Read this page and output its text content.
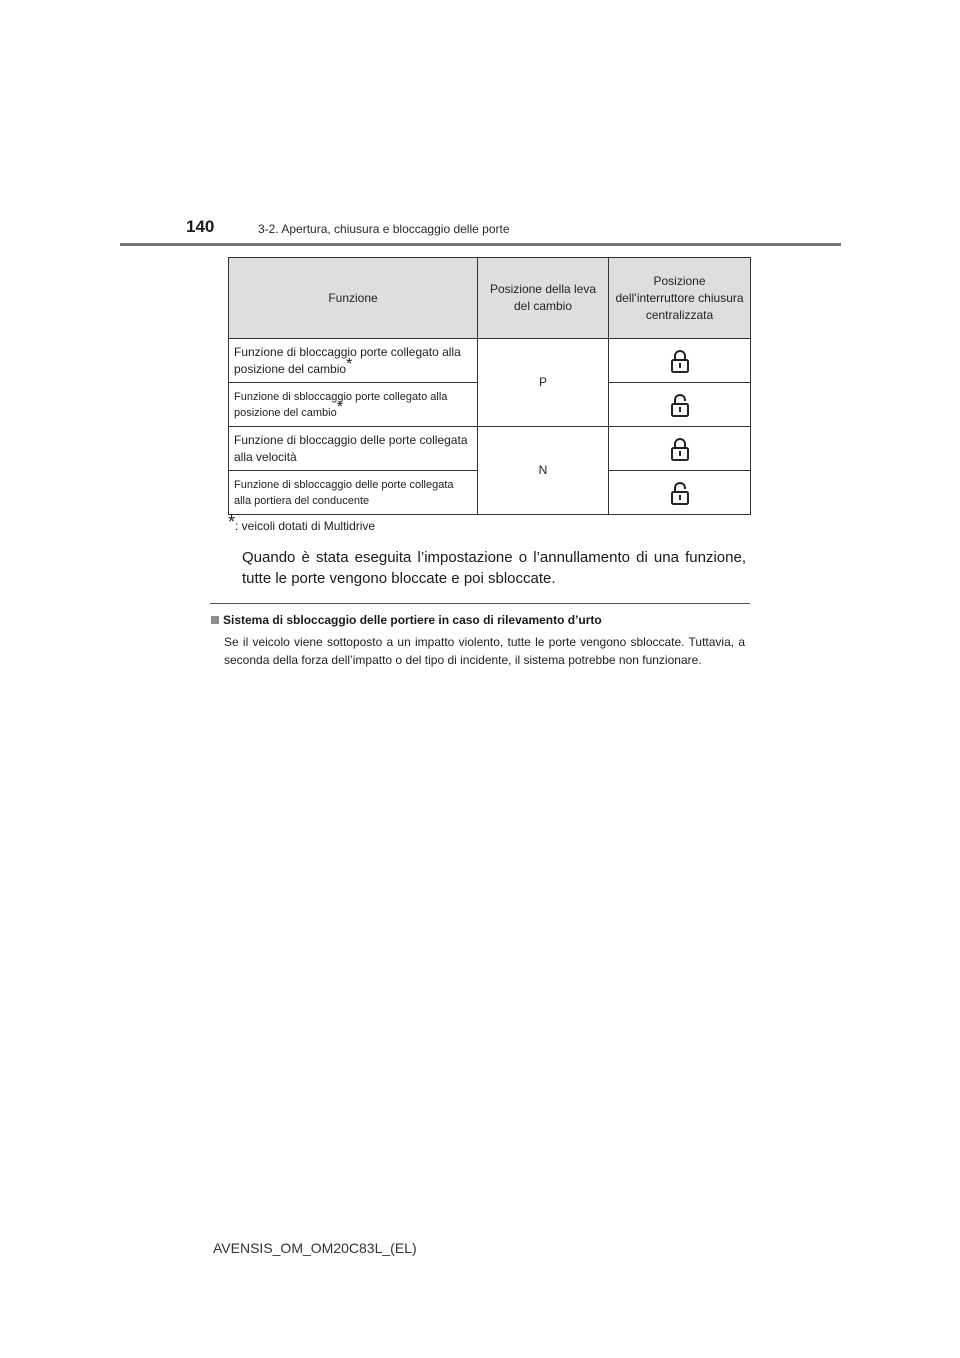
140	3-2. Apertura, chiusura e bloccaggio delle porte
Funzione	Posizione della leva del cambio	Posizione dell’interruttore chiusura centralizzata
Funzione di bloccaggio porte collegato alla posizione del cambio*	P	
Funzione di sbloccaggio porte collegato alla posizione del cambio*	
Funzione di bloccaggio delle porte collegata alla velocità	N	
Funzione di sbloccaggio delle porte collegata alla portiera del conducente	
*: veicoli dotati di Multidrive
Quando è stata eseguita l’impostazione o l’annullamento di una funzione, tutte le porte vengono bloccate e poi sbloccate.
Sistema di sbloccaggio delle portiere in caso di rilevamento d’urto
Se il veicolo viene sottoposto a un impatto violento, tutte le porte vengono sbloccate. Tuttavia, a seconda della forza dell’impatto o del tipo di incidente, il sistema potrebbe non funzionare.
AVENSIS_OM_OM20C83L_(EL)
